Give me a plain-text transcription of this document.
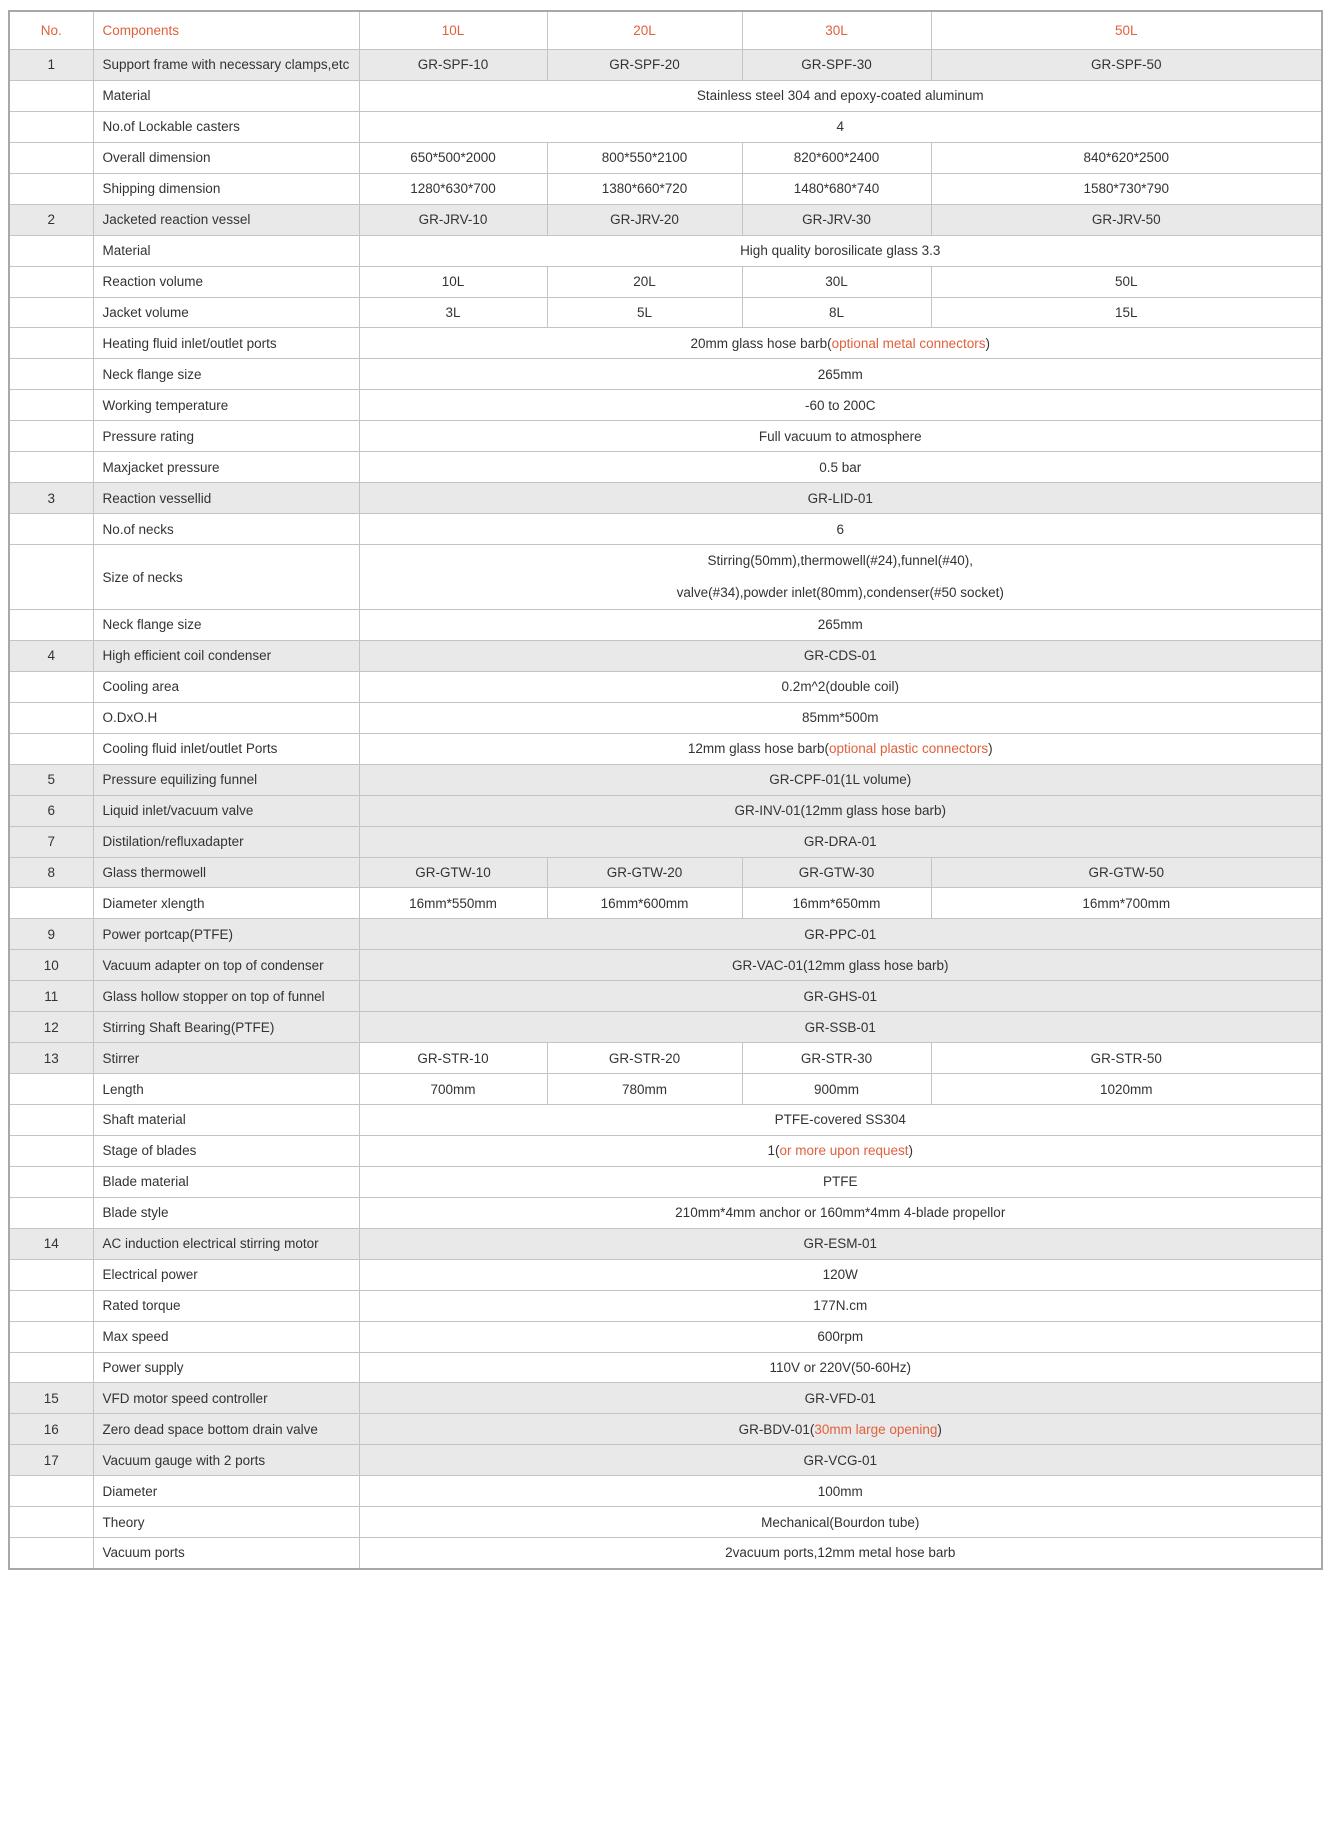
No.	Components	10L	20L	30L	50L
1	Support frame with necessary clamps,etc	GR-SPF-10	GR-SPF-20	GR-SPF-30	GR-SPF-50
	Material	Stainless steel 304 and epoxy-coated aluminum			
	No.of Lockable casters	4			
	Overall dimension	650*500*2000	800*550*2100	820*600*2400	840*620*2500
	Shipping dimension	1280*630*700	1380*660*720	1480*680*740	1580*730*790
2	Jacketed reaction vessel	GR-JRV-10	GR-JRV-20	GR-JRV-30	GR-JRV-50
	Material	High quality borosilicate glass 3.3			
	Reaction volume	10L	20L	30L	50L
	Jacket volume	3L	5L	8L	15L
	Heating fluid inlet/outlet ports	20mm glass hose barb(optional metal connectors)			
	Neck flange size	265mm			
	Working temperature	-60 to 200C			
	Pressure rating	Full vacuum to atmosphere			
	Maxjacket pressure	0.5 bar			
3	Reaction vessellid	GR-LID-01			
	No.of necks	6			
	Size of necks	Stirring(50mm),thermowell(#24),funnel(#40),
valve(#34),powder inlet(80mm),condenser(#50 socket)			

	Neck flange size	265mm			
4	High efficient coil condenser	GR-CDS-01			
	Cooling area	0.2m^2(double coil)			
	O.DxO.H	85mm*500m			
	Cooling fluid inlet/outlet Ports	12mm glass hose barb(optional plastic connectors)			
5	Pressure equilizing funnel	GR-CPF-01(1L volume)			
6	Liquid inlet/vacuum valve	GR-INV-01(12mm glass hose barb)			
7	Distilation/refluxadapter	GR-DRA-01			
8	Glass thermowell	GR-GTW-10	GR-GTW-20	GR-GTW-30	GR-GTW-50
	Diameter xlength	16mm*550mm	16mm*600mm	16mm*650mm	16mm*700mm
9	Power portcap(PTFE)	GR-PPC-01			
10	Vacuum adapter on top of condenser	GR-VAC-01(12mm glass hose barb)			
11	Glass hollow stopper on top of funnel	GR-GHS-01			
12	Stirring Shaft Bearing(PTFE)	GR-SSB-01			
13	Stirrer	GR-STR-10	GR-STR-20	GR-STR-30	GR-STR-50
	Length	700mm	780mm	900mm	1020mm
	Shaft material	PTFE-covered SS304			
	Stage of blades	1(or more upon request)			
	Blade material	PTFE			
	Blade style	210mm*4mm anchor or 160mm*4mm 4-blade propellor			
14	AC induction electrical stirring motor	GR-ESM-01			
	Electrical power	120W			
	Rated torque	177N.cm			
	Max speed	600rpm			
	Power supply	110V or 220V(50-60Hz)			
15	VFD motor speed controller	GR-VFD-01			
16	Zero dead space bottom drain valve	GR-BDV-01(30mm large opening)			
17	Vacuum gauge with 2 ports	GR-VCG-01			
	Diameter	100mm			
	Theory	Mechanical(Bourdon tube)			
	Vacuum ports	2vacuum ports,12mm metal hose barb			
